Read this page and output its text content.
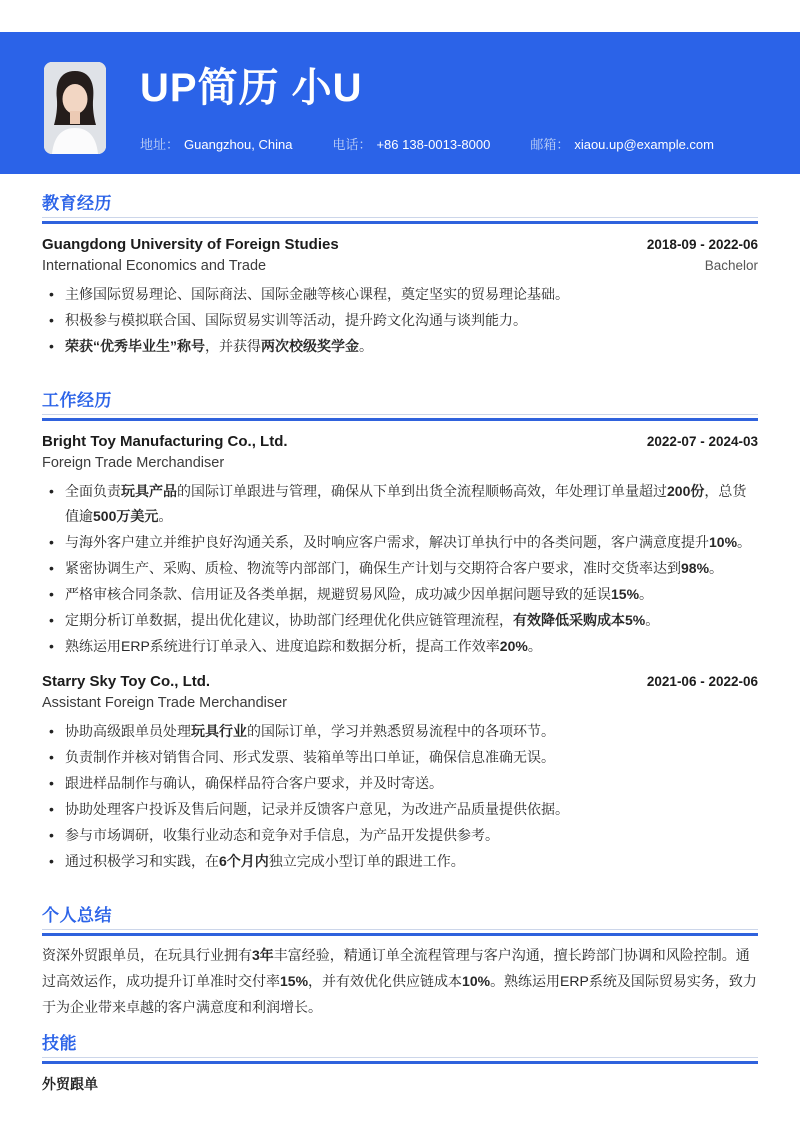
UP简历 小U
地址： Guangzhou, China	电话： +86 138-0013-8000	邮箱： xiaou.up@example.com
教育经历
Guangdong University of Foreign Studies	2018-09 - 2022-06
International Economics and Trade	Bachelor
• 主修国际贸易理论、国际商法、国际金融等核心课程，奠定坚实的贸易理论基础。
• 积极参与模拟联合国、国际贸易实训等活动，提升跨文化沟通与谈判能力。
• 荣获“优秀毕业生”称号，并获得两次校级奖学金。
工作经历
Bright Toy Manufacturing Co., Ltd.	2022-07 - 2024-03
Foreign Trade Merchandiser
• 全面负责玩具产品的国际订单跟进与管理，确保从下单到出货全流程顺畅高效，年处理订单量超过200份，总货值逾500万美元。
• 与海外客户建立并维护良好沟通关系，及时响应客户需求，解决订单执行中的各类问题，客户满意度提升10%。
• 紧密协调生产、采购、质检、物流等内部部门，确保生产计划与交期符合客户要求，准时交货率达到98%。
• 严格审核合同条款、信用证及各类单据，规避贸易风险，成功减少因单据问题导致的延误15%。
• 定期分析订单数据，提出优化建议，协助部门经理优化供应链管理流程，有效降低采购成本5%。
• 熟练运用ERP系统进行订单录入、进度追踪和数据分析，提高工作效率20%。
Starry Sky Toy Co., Ltd.	2021-06 - 2022-06
Assistant Foreign Trade Merchandiser
• 协助高级跟单员处理玩具行业的国际订单，学习并熟悉贸易流程中的各项环节。
• 负责制作并核对销售合同、形式发票、装箱单等出口单证，确保信息准确无误。
• 跟进样品制作与确认，确保样品符合客户要求，并及时寄送。
• 协助处理客户投诉及售后问题，记录并反馈客户意见，为改进产品质量提供依据。
• 参与市场调研，收集行业动态和竞争对手信息，为产品开发提供参考。
• 通过积极学习和实践，在6个月内独立完成小型订单的跟进工作。
个人总结

资深外贸跟单员，在玩具行业拥有3年丰富经验，精通订单全流程管理与客户沟通，擅长跨部门协调和风险控制。通过高效运作，成功提升订单准时交付率15%，并有效优化供应链成本10%。熟练运用ERP系统及国际贸易实务，致力于为企业带来卓越的客户满意度和利润增长。

技能
外贸跟单
